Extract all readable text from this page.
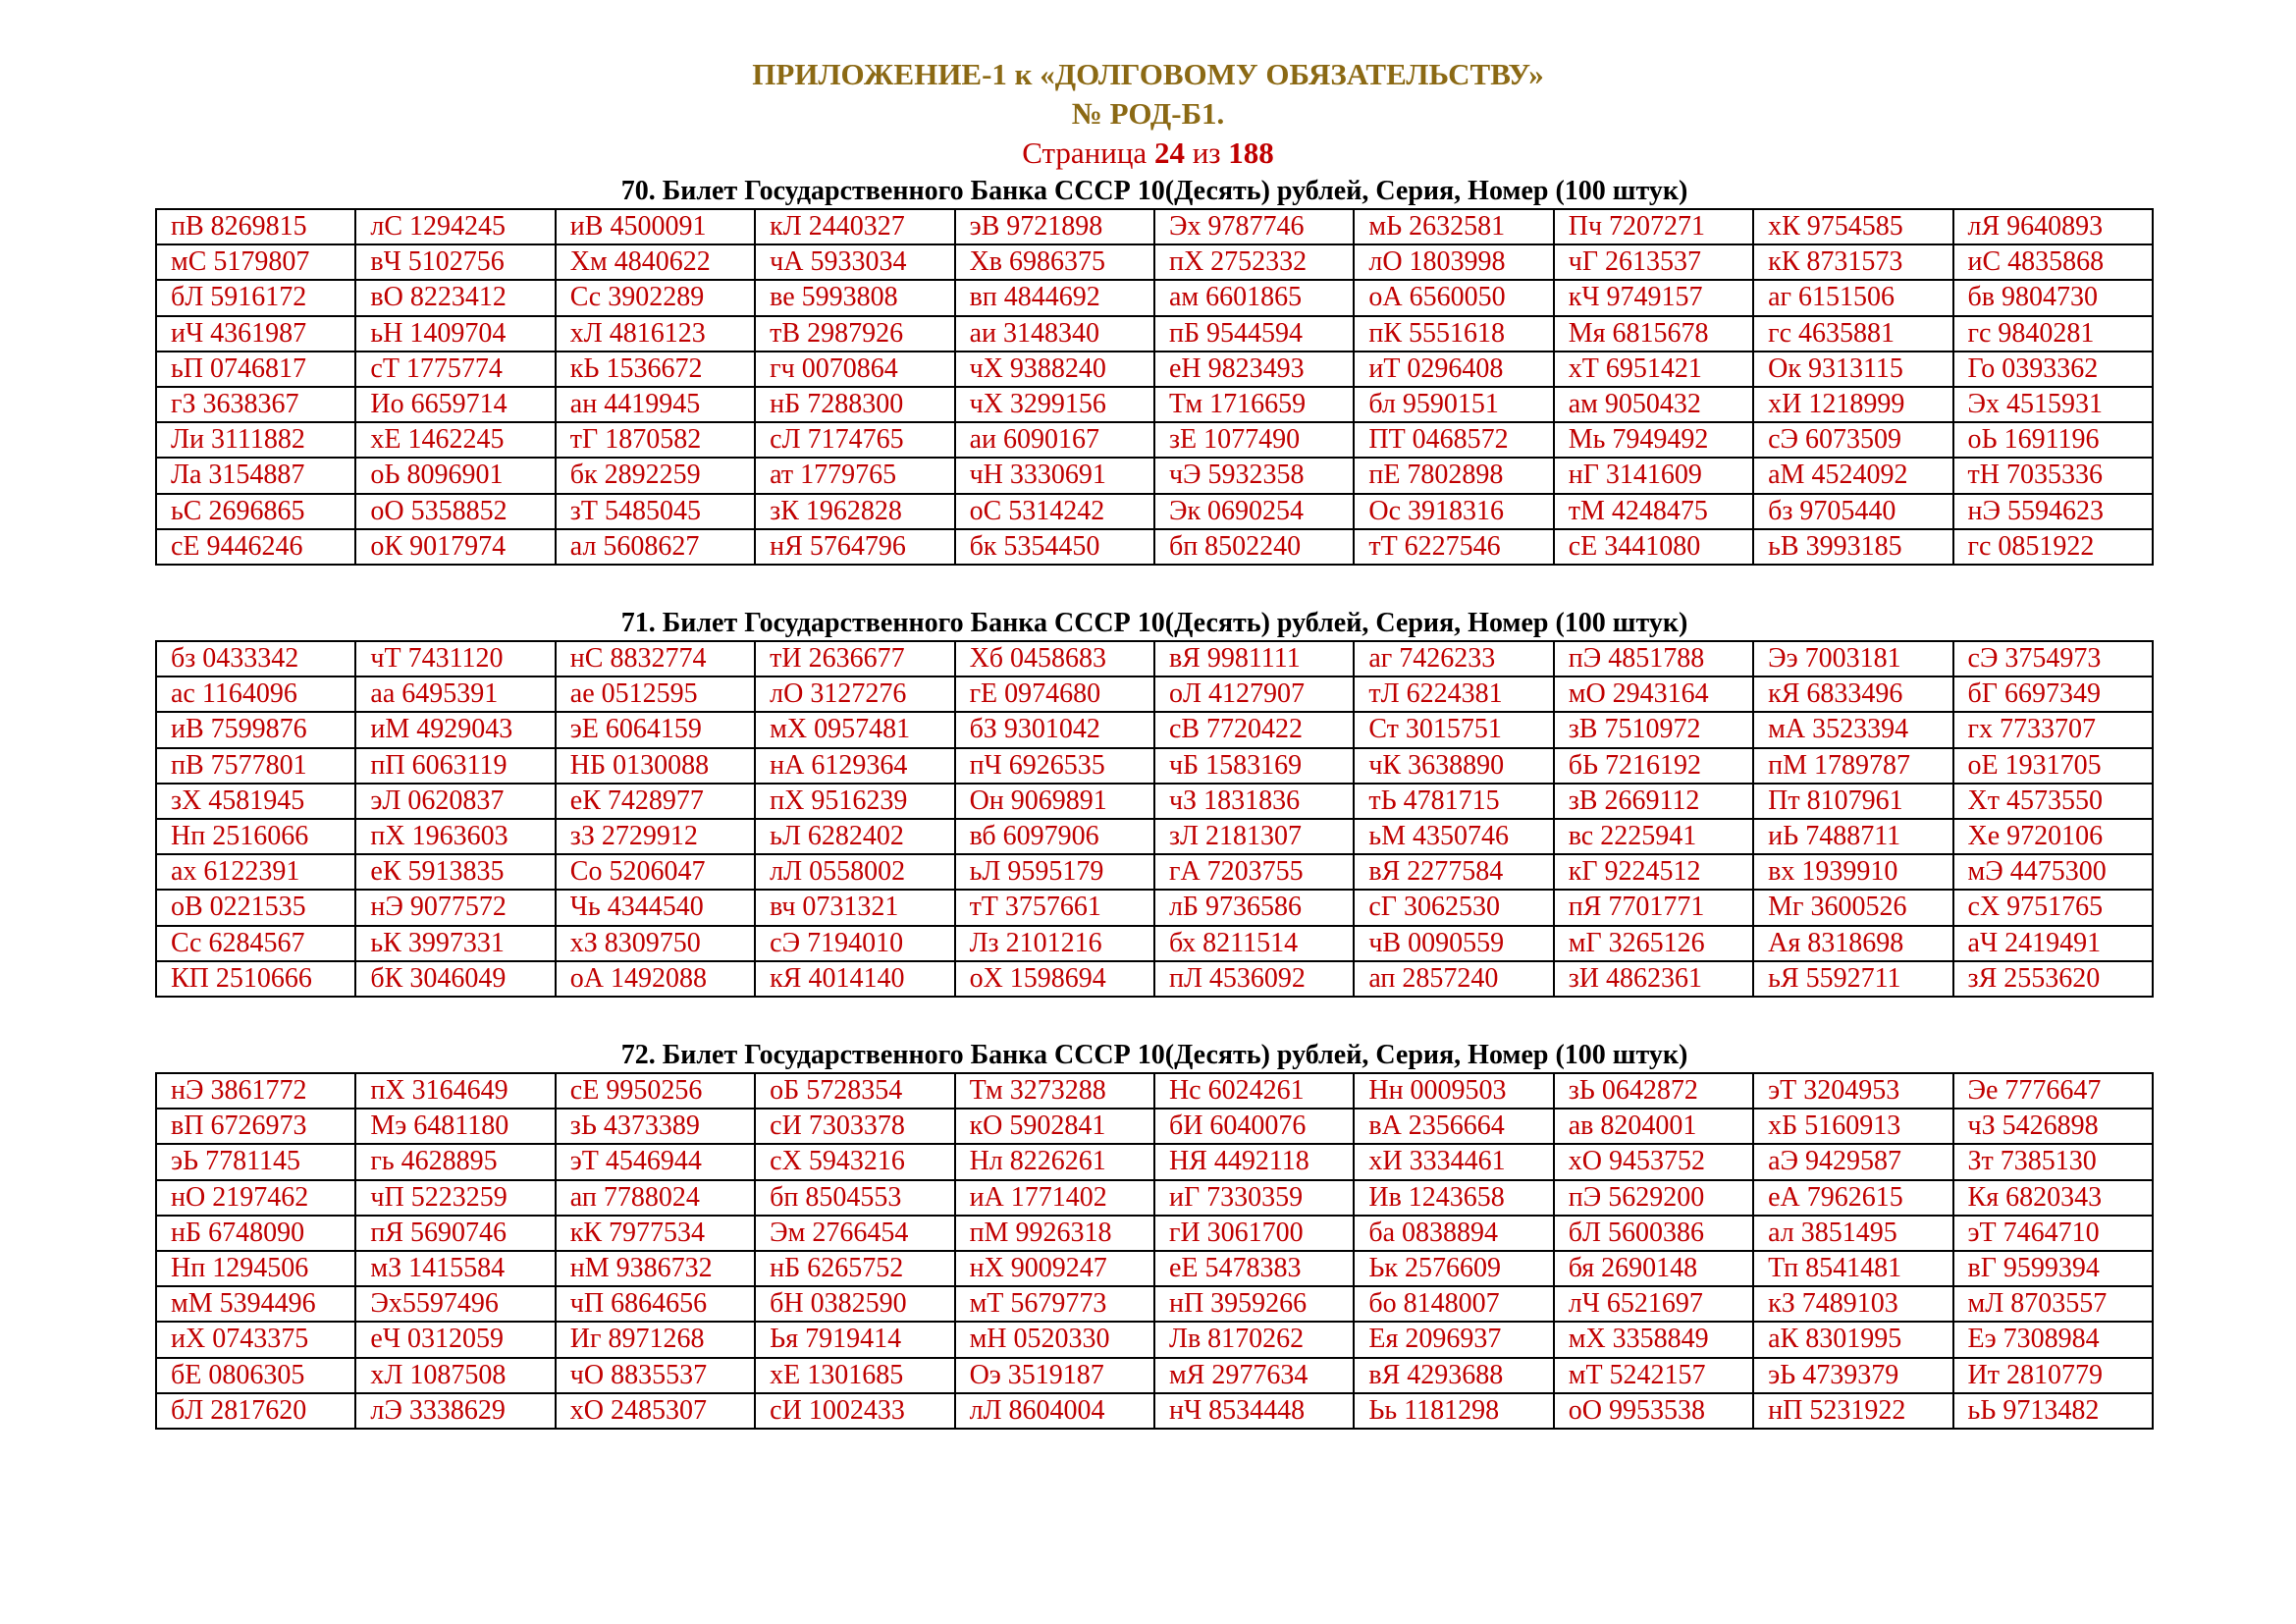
ПРИЛОЖЕНИЕ-1 к «ДОЛГОВОМУ ОБЯЗАТЕЛЬСТВУ»
№ РОД-Б1.
Страница 24 из 188
70. Билет Государственного Банка СССР 10(Десять) рублей, Серия, Номер (100 штук)
пВ 8269815	лС 1294245	иВ 4500091	кЛ 2440327	эВ 9721898	Эх 9787746	мЬ 2632581	Пч 7207271	хК 9754585	лЯ 9640893
мС 5179807	вЧ 5102756	Хм 4840622	чА 5933034	Хв 6986375	пХ 2752332	лО 1803998	чГ 2613537	кК 8731573	иС 4835868
бЛ 5916172	вО 8223412	Сс 3902289	ве 5993808	вп 4844692	ам 6601865	оА 6560050	кЧ 9749157	аг 6151506	бв 9804730
иЧ 4361987	ьН 1409704	хЛ 4816123	тВ 2987926	аи 3148340	пБ 9544594	пК 5551618	Мя 6815678	гс 4635881	гс 9840281
ьП 0746817	сТ 1775774	кЬ 1536672	гч 0070864	чХ 9388240	еН 9823493	иТ 0296408	хТ 6951421	Ок 9313115	Го 0393362
гЗ 3638367	Ио 6659714	ан 4419945	нБ 7288300	чХ 3299156	Тм 1716659	бл 9590151	ам 9050432	хИ 1218999	Эх 4515931
Ли 3111882	хЕ 1462245	тГ 1870582	сЛ 7174765	аи 6090167	зЕ 1077490	ПТ 0468572	Мь 7949492	сЭ 6073509	оЬ 1691196
Ла 3154887	оЬ 8096901	бк 2892259	ат 1779765	чН 3330691	чЭ 5932358	пЕ 7802898	нГ 3141609	аМ 4524092	тН 7035336
ьС 2696865	оО 5358852	зТ 5485045	зК 1962828	оС 5314242	Эк 0690254	Ос 3918316	тМ 4248475	бз 9705440	нЭ 5594623
сЕ 9446246	оК 9017974	ал 5608627	нЯ 5764796	бк 5354450	бп 8502240	тТ 6227546	сЕ 3441080	ьВ 3993185	гс 0851922
71. Билет Государственного Банка СССР 10(Десять) рублей, Серия, Номер (100 штук)
бз 0433342	чТ 7431120	нС 8832774	тИ 2636677	Хб 0458683	вЯ 9981111	аг 7426233	пЭ 4851788	Ээ 7003181	сЭ 3754973
ас 1164096	аа 6495391	ае 0512595	лО 3127276	гЕ 0974680	оЛ 4127907	тЛ 6224381	мО 2943164	кЯ 6833496	бГ 6697349
иВ 7599876	иМ 4929043	эЕ 6064159	мХ 0957481	бЗ 9301042	сВ 7720422	Ст 3015751	зВ 7510972	мА 3523394	гх 7733707
пВ 7577801	пП 6063119	НБ 0130088	нА 6129364	пЧ 6926535	чБ 1583169	чК 3638890	бЬ 7216192	пМ 1789787	оЕ 1931705
зХ 4581945	эЛ 0620837	еК 7428977	пХ 9516239	Он 9069891	чЗ 1831836	тЬ 4781715	зВ 2669112	Пт 8107961	Хт 4573550
Нп 2516066	пХ 1963603	зЗ 2729912	ьЛ 6282402	вб 6097906	зЛ 2181307	ьМ 4350746	вс 2225941	иЬ 7488711	Хе 9720106
ах 6122391	еК 5913835	Со 5206047	лЛ 0558002	ьЛ 9595179	гА 7203755	вЯ 2277584	кГ 9224512	вх 1939910	мЭ 4475300
оВ 0221535	нЭ 9077572	Чь 4344540	вч 0731321	тТ 3757661	лБ 9736586	сГ 3062530	пЯ 7701771	Мг 3600526	сХ 9751765
Сс 6284567	ьК 3997331	хЗ 8309750	сЭ 7194010	Лз 2101216	бх 8211514	чВ 0090559	мГ 3265126	Ая 8318698	аЧ 2419491
КП 2510666	бК 3046049	оА 1492088	кЯ 4014140	оХ 1598694	пЛ 4536092	ап 2857240	зИ 4862361	ьЯ 5592711	зЯ 2553620
72. Билет Государственного Банка СССР 10(Десять) рублей, Серия, Номер (100 штук)
нЭ 3861772	пХ 3164649	сЕ 9950256	оБ 5728354	Тм 3273288	Нс 6024261	Нн 0009503	зЬ 0642872	эТ 3204953	Эе 7776647
вП 6726973	Мэ 6481180	зЬ 4373389	сИ 7303378	кО 5902841	бИ 6040076	вА 2356664	ав 8204001	хБ 5160913	чЗ 5426898
эЬ 7781145	гь 4628895	эТ 4546944	сХ 5943216	Нл 8226261	НЯ 4492118	хИ 3334461	хО 9453752	аЭ 9429587	Зт 7385130
нО 2197462	чП 5223259	ап 7788024	бп 8504553	иА 1771402	иГ 7330359	Ив 1243658	пЭ 5629200	еА 7962615	Кя 6820343
нБ 6748090	пЯ 5690746	кК 7977534	Эм 2766454	пМ 9926318	гИ 3061700	ба 0838894	бЛ 5600386	ал 3851495	эТ 7464710
Нп 1294506	мЗ 1415584	нМ 9386732	нБ 6265752	нХ 9009247	еЕ 5478383	Ьк 2576609	бя 2690148	Тп 8541481	вГ 9599394
мМ 5394496	Эх5597496	чП 6864656	бН 0382590	мТ 5679773	нП 3959266	бо 8148007	лЧ 6521697	кЗ 7489103	мЛ 8703557
иХ 0743375	еЧ 0312059	Иг 8971268	Ья 7919414	мН 0520330	Лв 8170262	Ея 2096937	мХ 3358849	аК 8301995	Еэ 7308984
бЕ 0806305	хЛ 1087508	чО 8835537	хЕ 1301685	Оэ 3519187	мЯ 2977634	вЯ 4293688	мТ 5242157	эЬ 4739379	Ит 2810779
бЛ 2817620	лЭ 3338629	хО 2485307	сИ 1002433	лЛ 8604004	нЧ 8534448	Ьь 1181298	оО 9953538	нП 5231922	ьЬ 9713482
